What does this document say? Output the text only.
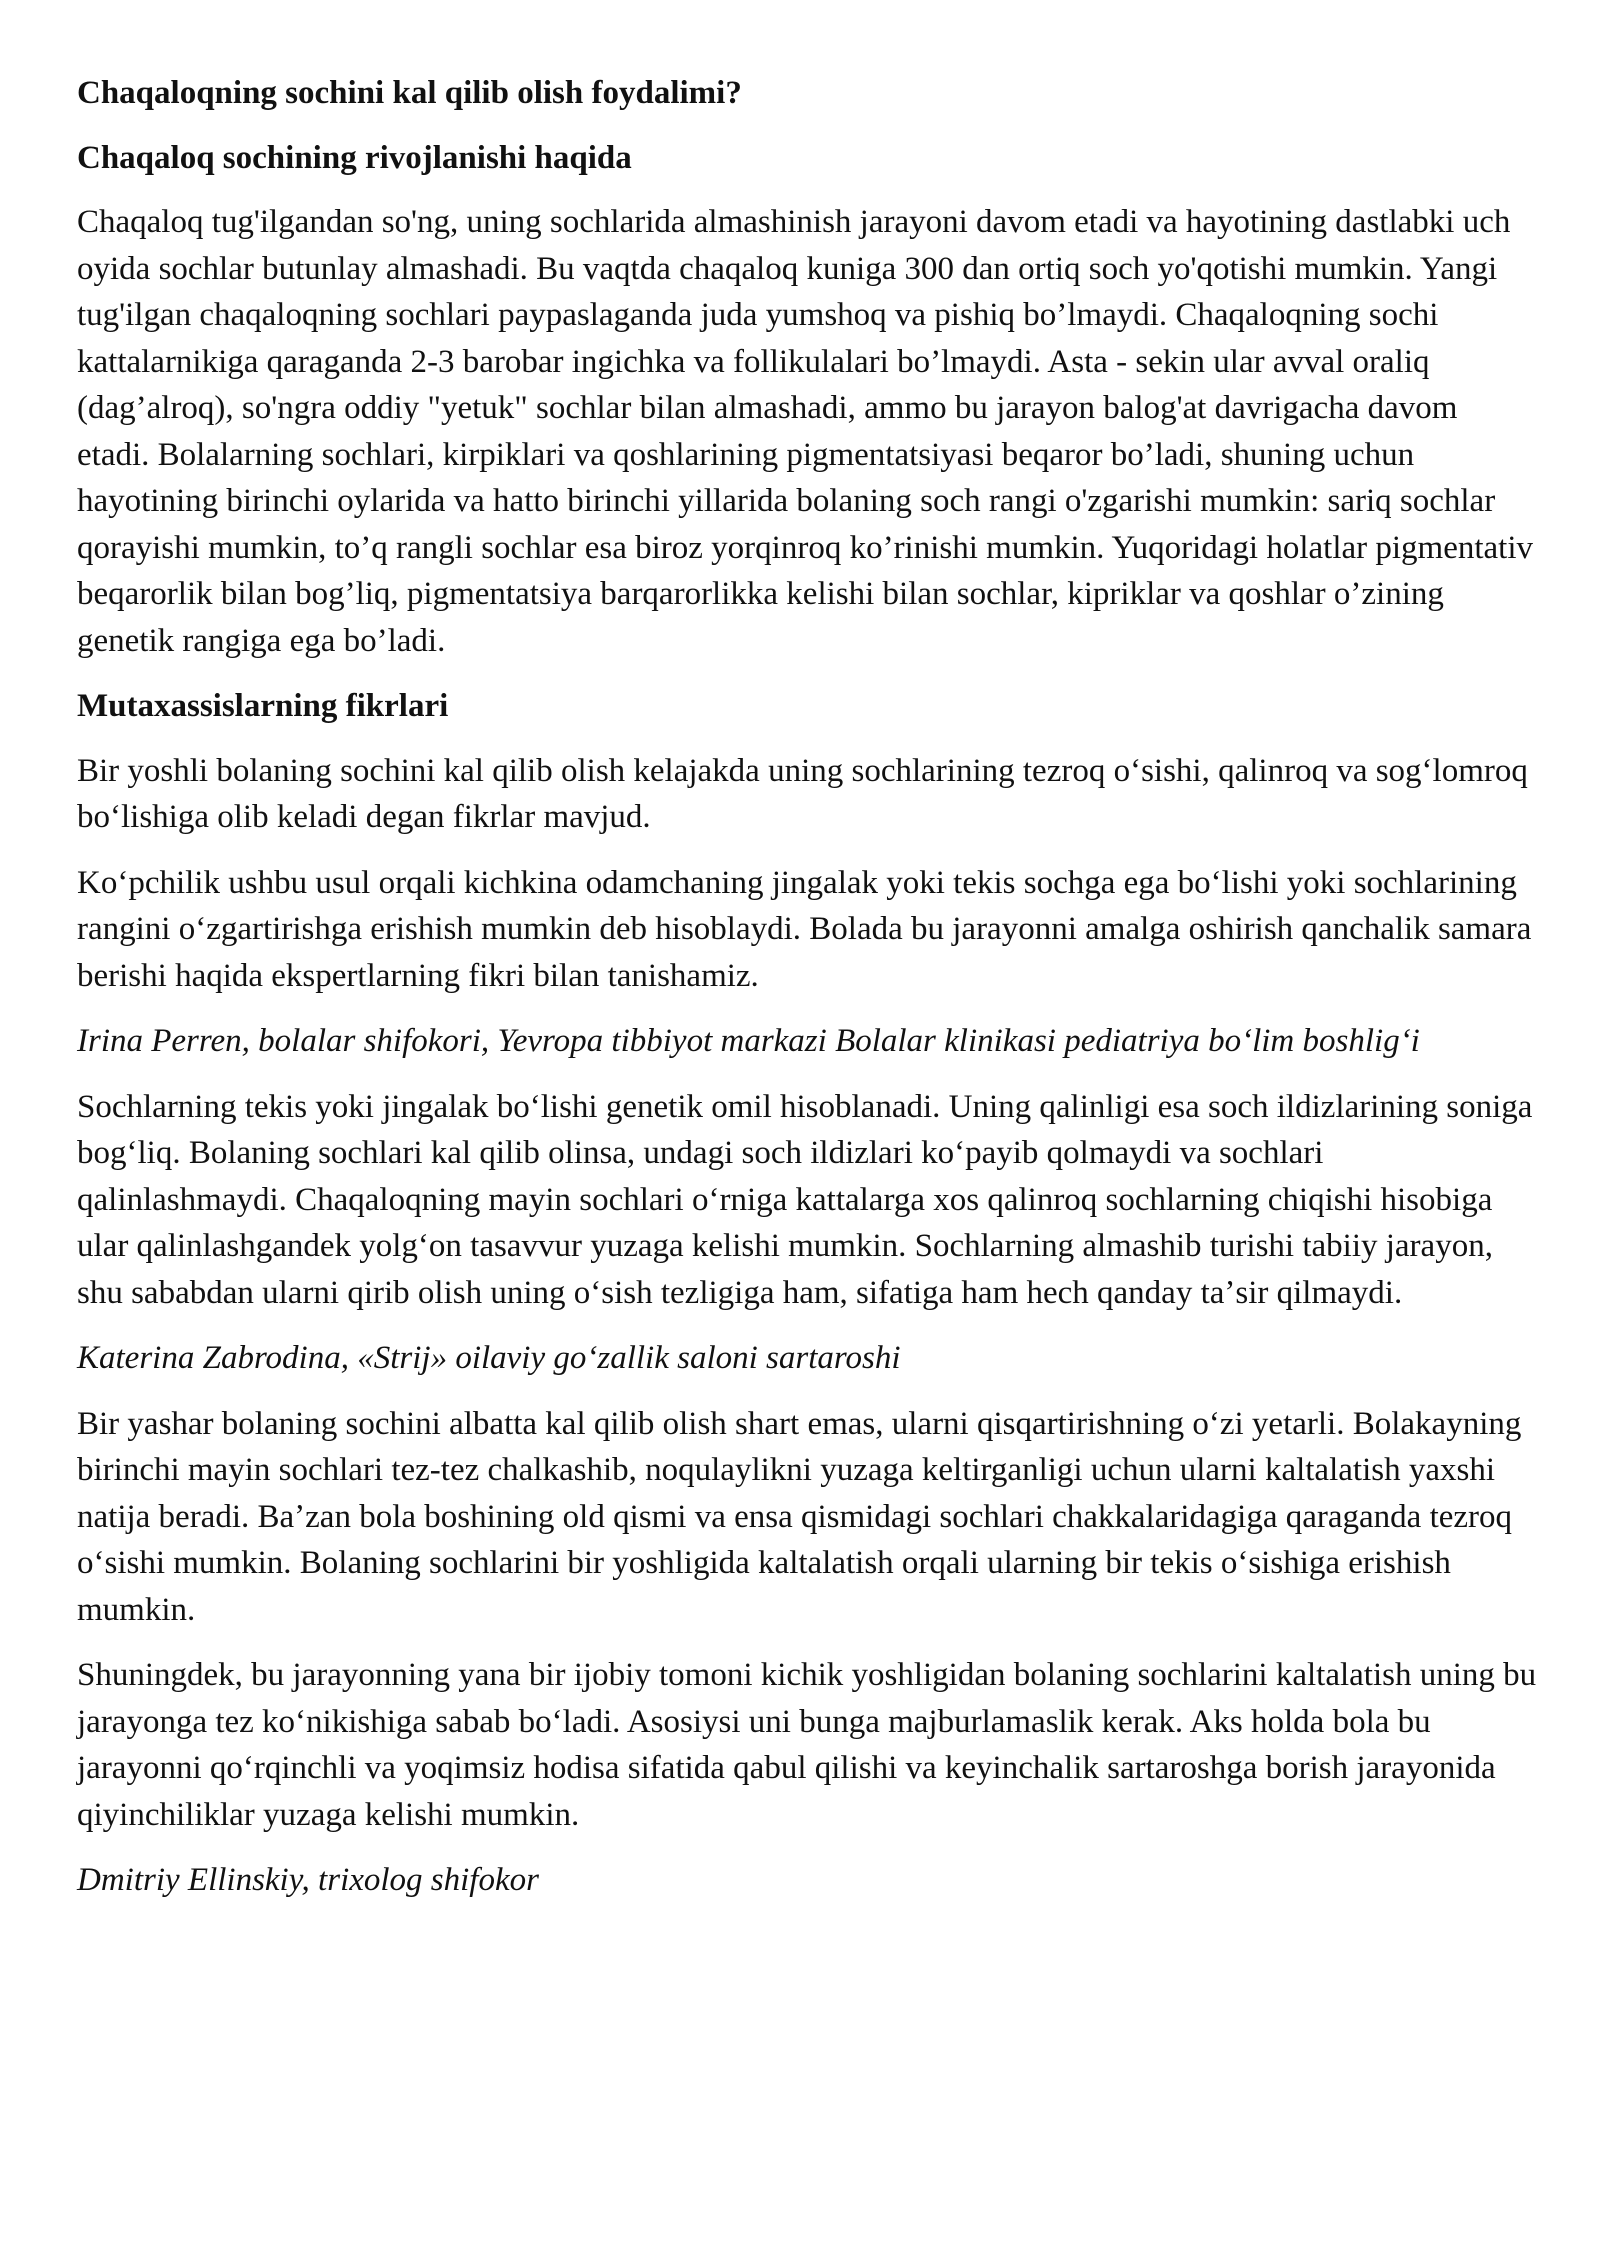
Chaqaloqning sochini kal qilib olish foydalimi?
Chaqaloq sochining rivojlanishi haqida

Chaqaloq tug'ilgandan so'ng, uning sochlarida almashinish jarayoni davom etadi va hayotining dastlabki uch oyida sochlar butunlay almashadi. Bu vaqtda chaqaloq kuniga 300 dan ortiq soch yo'qotishi mumkin. Yangi tug'ilgan chaqaloqning sochlari paypaslaganda juda yumshoq va pishiq bo’lmaydi. Chaqaloqning sochi kattalarnikiga qaraganda 2-3 barobar ingichka va follikulalari bo’lmaydi. Asta - sekin ular avval oraliq (dag’alroq), so'ngra oddiy "yetuk" sochlar bilan almashadi, ammo bu jarayon balog'at davrigacha davom etadi. Bolalarning sochlari, kirpiklari va qoshlarining pigmentatsiyasi beqaror bo’ladi, shuning uchun hayotining birinchi oylarida va hatto birinchi yillarida bolaning soch rangi o'zgarishi mumkin: sariq sochlar qorayishi mumkin, to’q rangli sochlar esa biroz yorqinroq ko’rinishi mumkin. Yuqoridagi holatlar pigmentativ beqarorlik bilan bog’liq, pigmentatsiya barqarorlikka kelishi bilan sochlar, kipriklar va qoshlar o’zining genetik rangiga ega bo’ladi.

Mutaxassislarning fikrlari

Bir yoshli bolaning sochini kal qilib olish kelajakda uning sochlarining tezroq oʻsishi, qalinroq va sogʻlomroq boʻlishiga olib keladi degan fikrlar mavjud.

Koʻpchilik ushbu usul orqali kichkina odamchaning jingalak yoki tekis sochga ega boʻlishi yoki sochlarining rangini oʻzgartirishga erishish mumkin deb hisoblaydi. Bolada bu jarayonni amalga oshirish qanchalik samara berishi haqida ekspertlarning fikri bilan tanishamiz.

Irina Perren, bolalar shifokori, Yevropa tibbiyot markazi Bolalar klinikasi pediatriya boʻlim boshligʻi

Sochlarning tekis yoki jingalak boʻlishi genetik omil hisoblanadi. Uning qalinligi esa soch ildizlarining soniga bogʻliq. Bolaning sochlari kal qilib olinsa, undagi soch ildizlari koʻpayib qolmaydi va sochlari qalinlashmaydi. Chaqaloqning mayin sochlari oʻrniga kattalarga xos qalinroq sochlarning chiqishi hisobiga ular qalinlashgandek yolgʻon tasavvur yuzaga kelishi mumkin. Sochlarning almashib turishi tabiiy jarayon, shu sababdan ularni qirib olish uning oʻsish tezligiga ham, sifatiga ham hech qanday taʼsir qilmaydi.

Katerina Zabrodina, «Strij» oilaviy goʻzallik saloni sartaroshi

Bir yashar bolaning sochini albatta kal qilib olish shart emas, ularni qisqartirishning oʻzi yetarli. Bolakayning birinchi mayin sochlari tez-tez chalkashib, noqulaylikni yuzaga keltirganligi uchun ularni kaltalatish yaxshi natija beradi. Baʼzan bola boshining old qismi va ensa qismidagi sochlari chakkalaridagiga qaraganda tezroq oʻsishi mumkin. Bolaning sochlarini bir yoshligida kaltalatish orqali ularning bir tekis oʻsishiga erishish mumkin.

Shuningdek, bu jarayonning yana bir ijobiy tomoni kichik yoshligidan bolaning sochlarini kaltalatish uning bu jarayonga tez koʻnikishiga sabab boʻladi. Asosiysi uni bunga majburlamaslik kerak. Aks holda bola bu jarayonni qoʻrqinchli va yoqimsiz hodisa sifatida qabul qilishi va keyinchalik sartaroshga borish jarayonida qiyinchiliklar yuzaga kelishi mumkin.

Dmitriy Ellinskiy, trixolog shifokor
